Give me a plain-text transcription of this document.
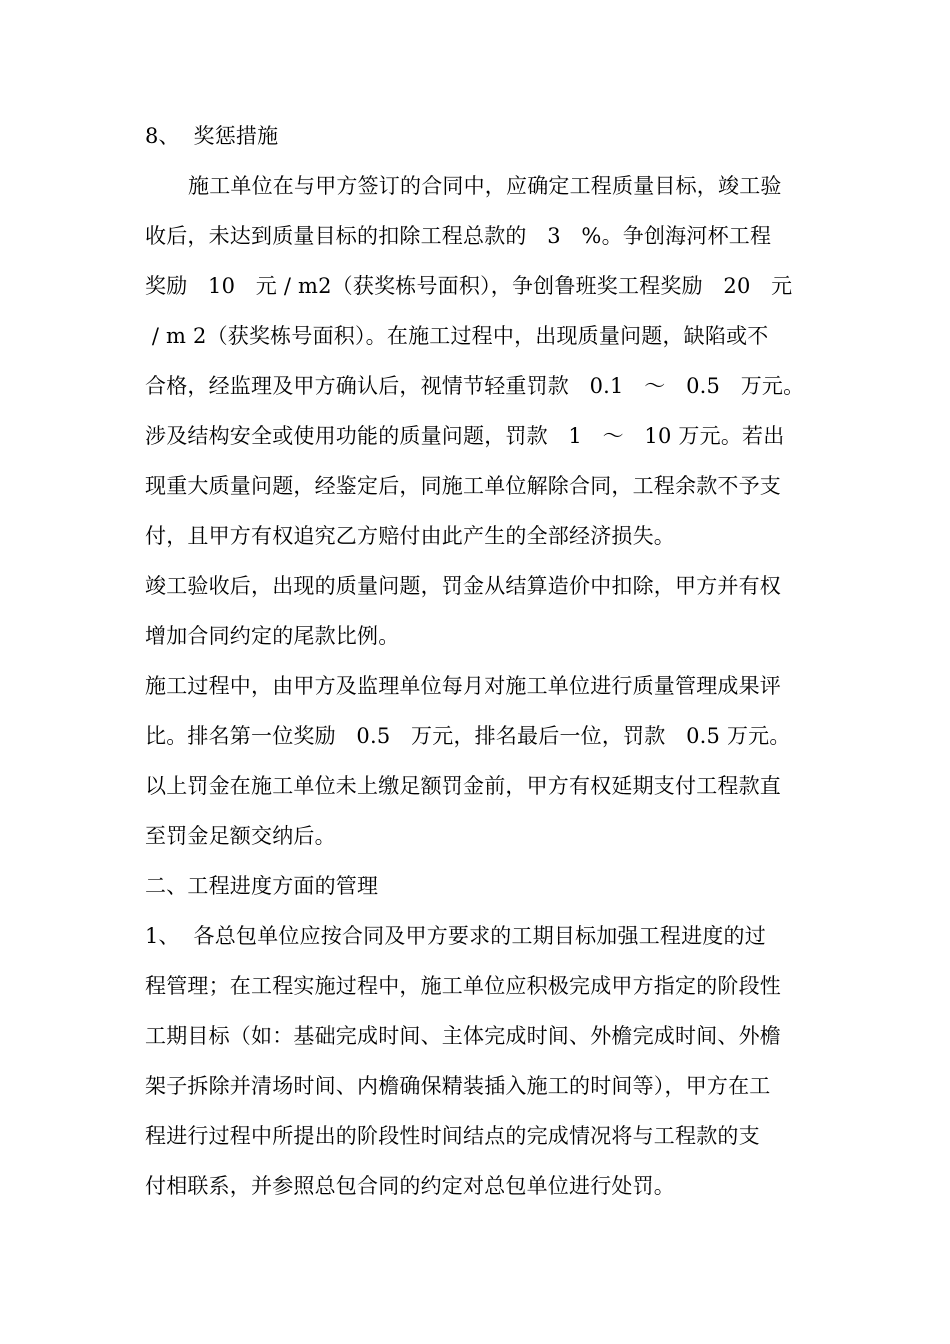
8、  奖惩措施
施工单位在与甲方签订的合同中，应确定工程质量目标，竣工验
收后，未达到质量目标的扣除工程总款的   3   %。争创海河杯工程
奖励   10   元 / m2（获奖栋号面积），争创鲁班奖工程奖励   20   元
/ m 2（获奖栋号面积）。在施工过程中，出现质量问题，缺陷或不
合格，经监理及甲方确认后，视情节轻重罚款   0.1   ～   0.5   万元。
涉及结构安全或使用功能的质量问题，罚款   1   ～   10 万元。若出
现重大质量问题，经鉴定后，同施工单位解除合同，工程余款不予支
付，且甲方有权追究乙方赔付由此产生的全部经济损失。
竣工验收后，出现的质量问题，罚金从结算造价中扣除，甲方并有权
增加合同约定的尾款比例。
施工过程中，由甲方及监理单位每月对施工单位进行质量管理成果评
比。排名第一位奖励   0.5   万元，排名最后一位，罚款   0.5 万元。
以上罚金在施工单位未上缴足额罚金前，甲方有权延期支付工程款直
至罚金足额交纳后。
二、工程进度方面的管理
1、  各总包单位应按合同及甲方要求的工期目标加强工程进度的过
程管理；在工程实施过程中，施工单位应积极完成甲方指定的阶段性
工期目标（如：基础完成时间、主体完成时间、外檐完成时间、外檐
架子拆除并清场时间、内檐确保精装插入施工的时间等），甲方在工
程进行过程中所提出的阶段性时间结点的完成情况将与工程款的支
付相联系，并参照总包合同的约定对总包单位进行处罚。
